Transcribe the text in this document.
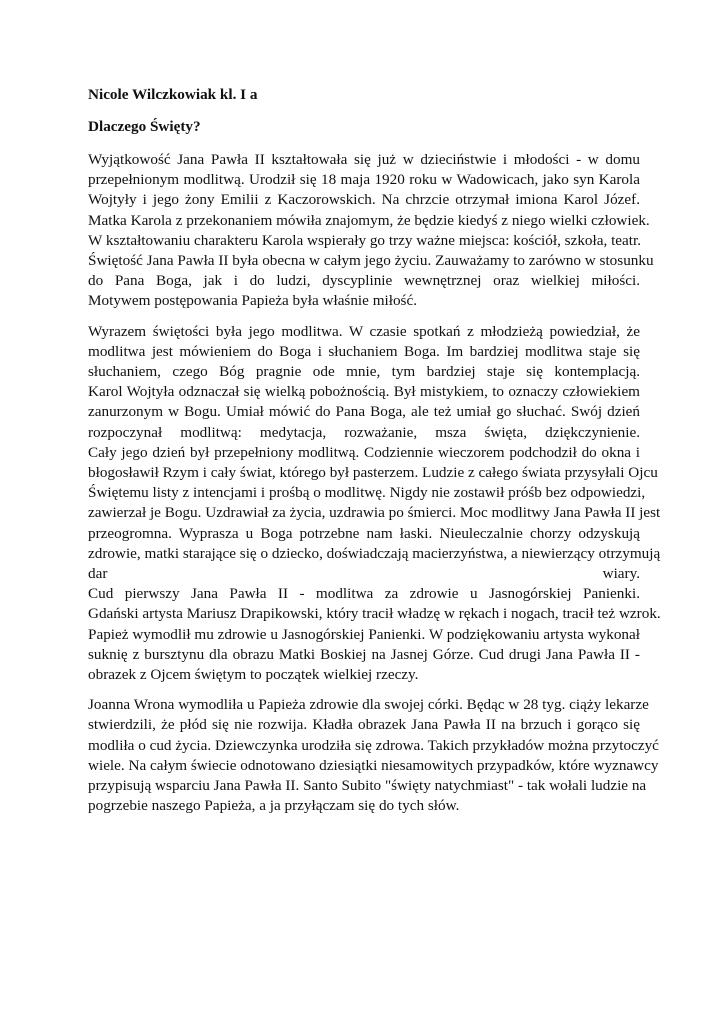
Nicole Wilczkowiak kl. I a
Dlaczego Święty?
Wyjątkowość Jana Pawła II kształtowała się już w dzieciństwie i młodości - w domu
przepełnionym modlitwą. Urodził się 18 maja 1920 roku w Wadowicach, jako syn Karola
Wojtyły i jego żony Emilii z Kaczorowskich. Na chrzcie otrzymał imiona Karol Józef.
Matka Karola z przekonaniem mówiła znajomym, że będzie kiedyś z niego wielki człowiek.
W kształtowaniu charakteru Karola wspierały go trzy ważne miejsca: kościół, szkoła, teatr.
Świętość Jana Pawła II była obecna w całym jego życiu. Zauważamy to zarówno w stosunku
do Pana Boga, jak i do ludzi, dyscyplinie wewnętrznej oraz wielkiej miłości.
Motywem postępowania Papieża była właśnie miłość.
Wyrazem świętości była jego modlitwa. W czasie spotkań z młodzieżą powiedział, że
modlitwa jest mówieniem do Boga i słuchaniem Boga. Im bardziej modlitwa staje się
słuchaniem, czego Bóg pragnie ode mnie, tym bardziej staje się kontemplacją.
Karol Wojtyła odznaczał się wielką pobożnością. Był mistykiem, to oznaczy człowiekiem
zanurzonym w Bogu. Umiał mówić do Pana Boga, ale też umiał go słuchać. Swój dzień
rozpoczynał modlitwą: medytacja, rozważanie, msza święta, dziękczynienie.
Cały jego dzień był przepełniony modlitwą. Codziennie wieczorem podchodził do okna i
błogosławił Rzym i cały świat, którego był pasterzem. Ludzie z całego świata przysyłali Ojcu
Świętemu listy z intencjami i prośbą o modlitwę. Nigdy nie zostawił próśb bez odpowiedzi,
zawierzał je Bogu. Uzdrawiał za życia, uzdrawia po śmierci. Moc modlitwy Jana Pawła II jest
przeogromna. Wyprasza u Boga potrzebne nam łaski. Nieuleczalnie chorzy odzyskują
zdrowie, matki starające się o dziecko, doświadczają macierzyństwa, a niewierzący otrzymują
dar wiary.
Cud pierwszy Jana Pawła II - modlitwa za zdrowie u Jasnogórskiej Panienki.
Gdański artysta Mariusz Drapikowski, który tracił władzę w rękach i nogach, tracił też wzrok.
Papież wymodlił mu zdrowie u Jasnogórskiej Panienki. W podziękowaniu artysta wykonał
suknię z bursztynu dla obrazu Matki Boskiej na Jasnej Górze. Cud drugi Jana Pawła II -
obrazek z Ojcem świętym to początek wielkiej rzeczy.
Joanna Wrona wymodliła u Papieża zdrowie dla swojej córki. Będąc w 28 tyg. ciąży lekarze
stwierdzili, że płód się nie rozwija. Kładła obrazek Jana Pawła II na brzuch i gorąco się
modliła o cud życia. Dziewczynka urodziła się zdrowa. Takich przykładów można przytoczyć
wiele. Na całym świecie odnotowano dziesiątki niesamowitych przypadków, które wyznawcy
przypisują wsparciu Jana Pawła II. Santo Subito "święty natychmiast" - tak wołali ludzie na
pogrzebie naszego Papieża, a ja przyłączam się do tych słów.
